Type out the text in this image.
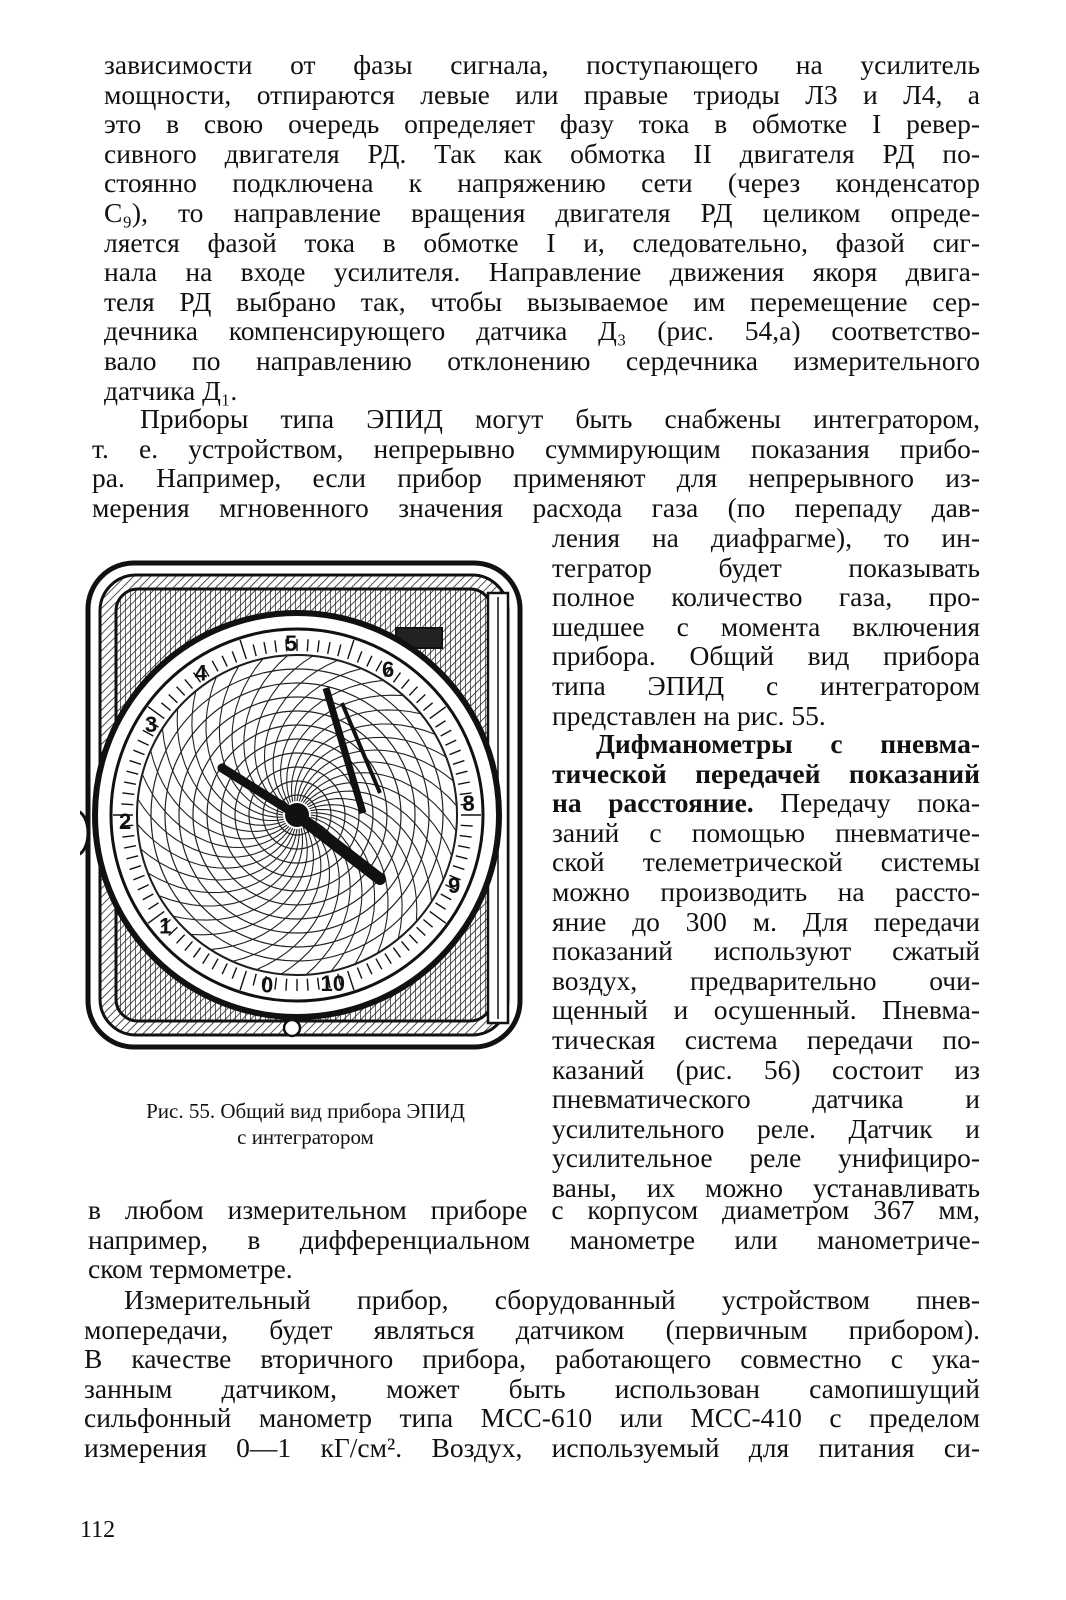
зависимости от фазы сигнала, поступающего на усилитель
мощности, отпираются левые или правые триоды Л3 и Л4, а
это в свою очередь определяет фазу тока в обмотке I ревер-
сивного двигателя РД. Так как обмотка II двигателя РД по-
стоянно подключена к напряжению сети (через конденсатор
C₉), то направление вращения двигателя РД целиком опреде-
ляется фазой тока в обмотке I и, следовательно, фазой сиг-
нала на входе усилителя. Направление движения якоря двига-
теля РД выбрано так, чтобы вызываемое им перемещение сер-
дечника компенсирующего датчика Д₃ (рис. 54,а) соответство-
вало по направлению отклонению сердечника измерительного
датчика Д₁.
Приборы типа ЭПИД могут быть снабжены интегратором,
т. е. устройством, непрерывно суммирующим показания прибо-
ра. Например, если прибор применяют для непрерывного из-
мерения мгновенного значения расхода газа (по перепаду дав-
ления на диафрагме), то ин-
тегратор будет показывать
полное количество газа, про-
шедшее с момента включения
прибора. Общий вид прибора
типа ЭПИД с интегратором
представлен на рис. 55.
Дифманометры с пневма-
тической передачей показаний
на расстояние. Передачу пока-
заний с помощью пневматиче-
ской телеметрической системы
можно производить на рассто-
яние до 300 м. Для передачи
показаний используют сжатый
воздух, предварительно очи-
щенный и осушенный. Пневма-
тическая система передачи по-
казаний (рис. 56) состоит из
пневматического датчика и
усилительного реле. Датчик и
усилительное реле унифициро-
ваны, их можно устанавливать
в любом измерительном приборе с корпусом диаметром 367 мм,
например, в дифференциальном манометре или манометриче-
ском термометре.
Измерительный прибор, сборудованный устройством пнев-
мопередачи, будет являться датчиком (первичным прибором).
В качестве вторичного прибора, работающего совместно с ука-
занным датчиком, может быть использован самопишущий
сильфонный манометр типа МСС-610 или МСС-410 с пределом
измерения 0—1 кГ/см². Воздух, используемый для питания си-
0
1
2
3
4
5
6
8
9
10
Рис. 55. Общий вид прибора ЭПИД
с интегратором
112
